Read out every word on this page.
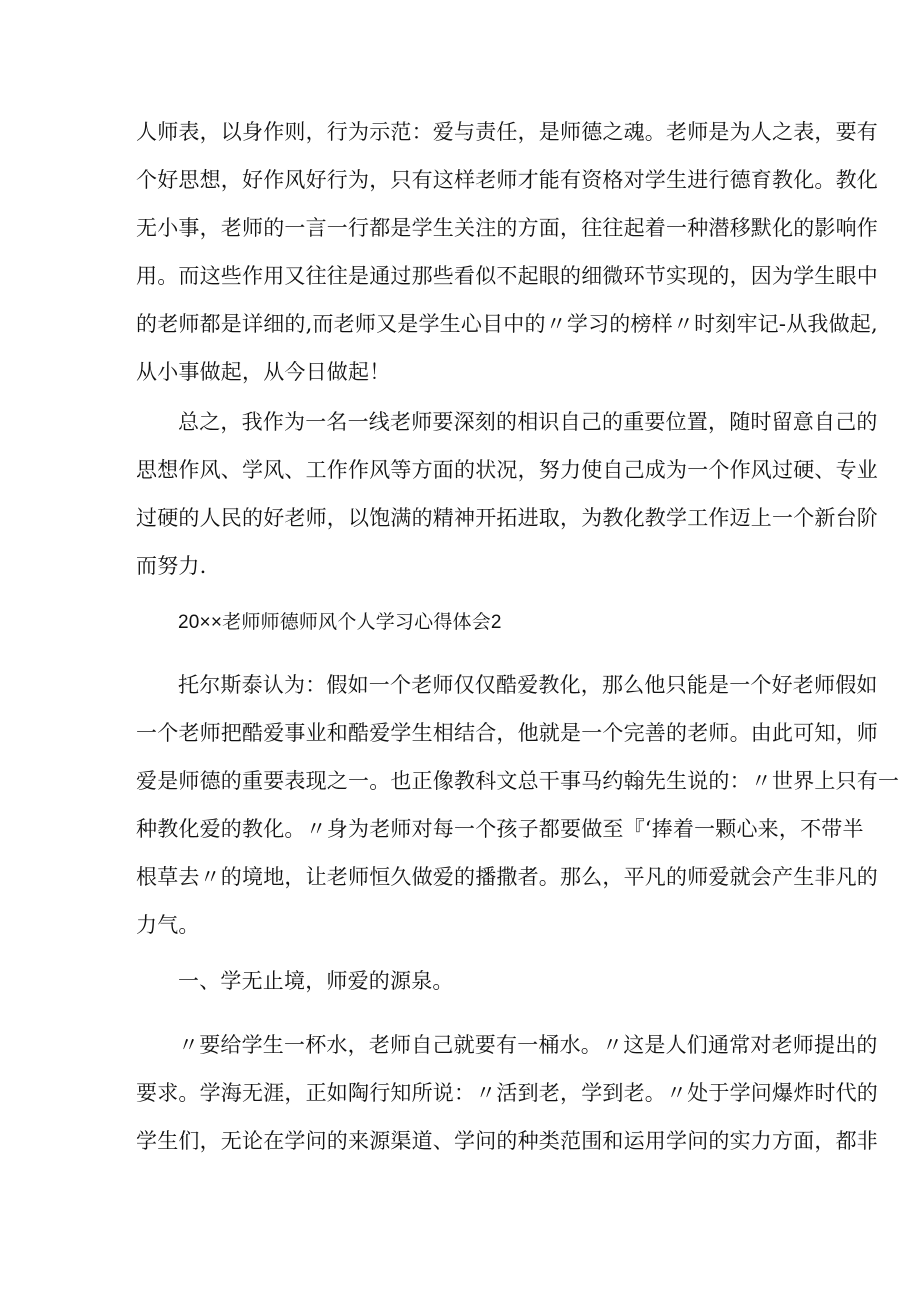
人师表，以身作则，行为示范：爱与责任，是师德之魂。老师是为人之表，要有
个好思想，好作风好行为，只有这样老师才能有资格对学生进行德育教化。教化
无小事，老师的一言一行都是学生关注的方面，往往起着一种潜移默化的影响作
用。而这些作用又往往是通过那些看似不起眼的细微环节实现的，因为学生眼中
的老师都是详细的,而老师又是学生心目中的〃学习的榜样〃时刻牢记-从我做起,
从小事做起，从今日做起！
总之，我作为一名一线老师要深刻的相识自己的重要位置，随时留意自己的
思想作风、学风、工作作风等方面的状况，努力使自己成为一个作风过硬、专业
过硬的人民的好老师，以饱满的精神开拓进取，为教化教学工作迈上一个新台阶
而努力.
20××老师师德师风个人学习心得体会2
托尔斯泰认为：假如一个老师仅仅酷爱教化，那么他只能是一个好老师假如
一个老师把酷爱事业和酷爱学生相结合，他就是一个完善的老师。由此可知，师
爱是师德的重要表现之一。也正像教科文总干事马约翰先生说的：〃世界上只有一
种教化爱的教化。〃身为老师对每一个孩子都要做至『‘捧着一颗心来，不带半
根草去〃的境地，让老师恒久做爱的播撒者。那么，平凡的师爱就会产生非凡的
力气。
一、学无止境，师爱的源泉。
〃要给学生一杯水，老师自己就要有一桶水。〃这是人们通常对老师提出的
要求。学海无涯，正如陶行知所说：〃活到老，学到老。〃处于学问爆炸时代的
学生们，无论在学问的来源渠道、学问的种类范围和运用学问的实力方面，都非
